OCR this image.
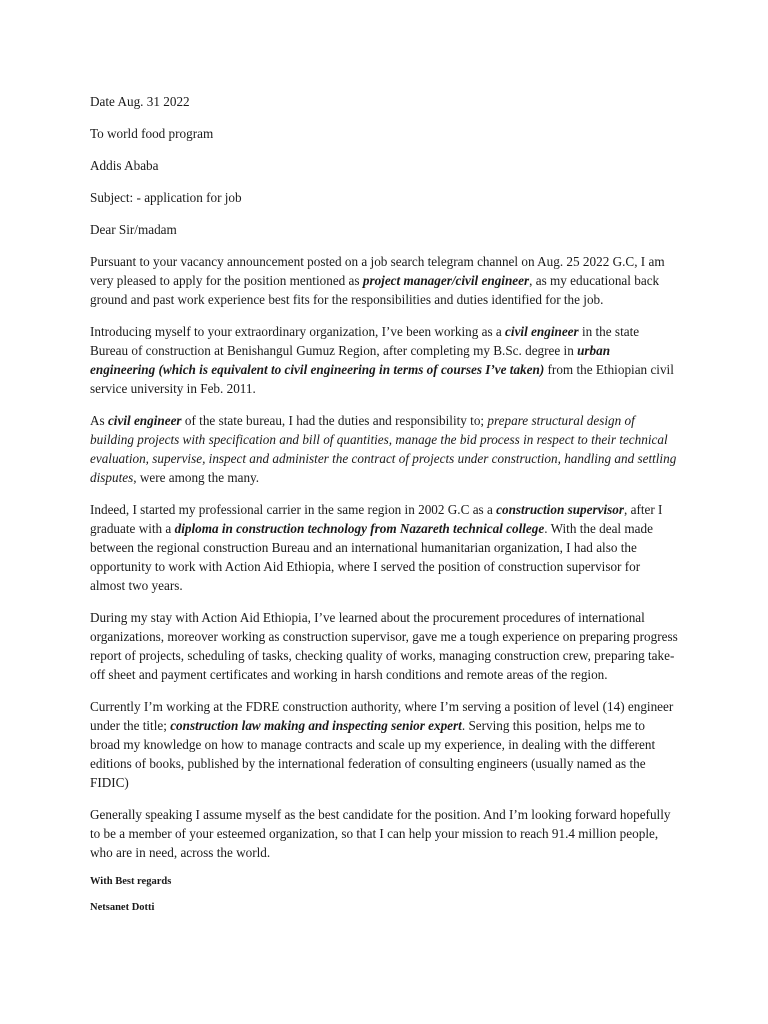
Date Aug. 31 2022

To world food program

Addis Ababa

Subject: - application for job

Dear Sir/madam

Pursuant to your vacancy announcement posted on a job search telegram channel on Aug. 25 2022 G.C, I am very pleased to apply for the position mentioned as project manager/civil engineer, as my educational back ground and past work experience best fits for the responsibilities and duties identified for the job.

Introducing myself to your extraordinary organization, I’ve been working as a civil engineer in the state Bureau of construction at Benishangul Gumuz Region, after completing my B.Sc. degree in urban engineering (which is equivalent to civil engineering in terms of courses I’ve taken) from the Ethiopian civil service university in Feb. 2011.

As civil engineer of the state bureau, I had the duties and responsibility to; prepare structural design of building projects with specification and bill of quantities, manage the bid process in respect to their technical evaluation, supervise, inspect and administer the contract of projects under construction, handling and settling disputes, were among the many.

Indeed, I started my professional carrier in the same region in 2002 G.C as a construction supervisor, after I graduate with a diploma in construction technology from Nazareth technical college. With the deal made between the regional construction Bureau and an international humanitarian organization, I had also the opportunity to work with Action Aid Ethiopia, where I served the position of construction supervisor for almost two years.

During my stay with Action Aid Ethiopia, I’ve learned about the procurement procedures of international organizations, moreover working as construction supervisor, gave me a tough experience on preparing progress report of projects, scheduling of tasks, checking quality of works, managing construction crew, preparing take-off sheet and payment certificates and working in harsh conditions and remote areas of the region.

Currently I’m working at the FDRE construction authority, where I’m serving a position of level (14) engineer under the title; construction law making and inspecting senior expert. Serving this position, helps me to broad my knowledge on how to manage contracts and scale up my experience, in dealing with the different editions of books, published by the international federation of consulting engineers (usually named as the FIDIC)

Generally speaking I assume myself as the best candidate for the position. And I’m looking forward hopefully to be a member of your esteemed organization, so that I can help your mission to reach 91.4 million people, who are in need, across the world.

With Best regards

Netsanet Dotti
